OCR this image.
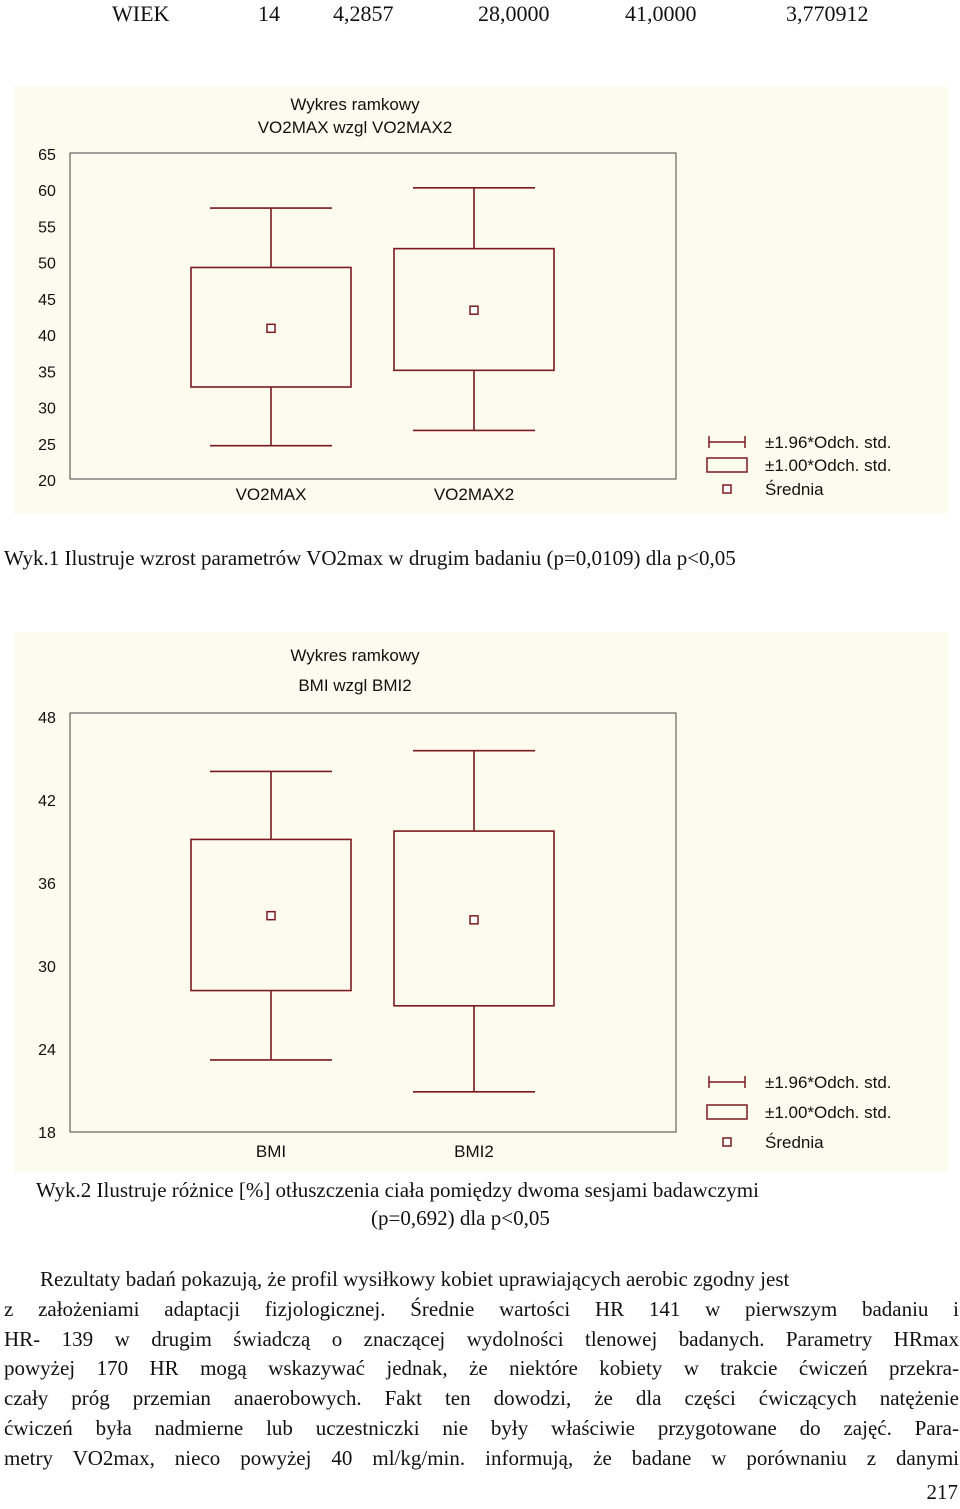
WIEK	14 4,2857	28,0000	41,0000	3,770912
Wykres ramkowy
VO2MAX wzgl VO2MAX2
65
60
55
50
45
40
35
30
25
20
VO2MAX	VO2MAX2
±1.96*Odch. std.
±1.00*Odch. std.
Średnia
Wyk.1 Ilustruje wzrost parametrów VO2max w drugim badaniu (p=0,0109) dla p<0,05
Wykres ramkowy
BMI wzgl BMI2
48
42
36
30
24
18
BMI	BMI2
±1.96*Odch. std.
±1.00*Odch. std.
Średnia
Wyk.2 Ilustruje różnice [%] otłuszczenia ciała pomiędzy dwoma sesjami badawczymi
(p=0,692) dla p<0,05
Rezultaty badań pokazują, że profil wysiłkowy kobiet uprawiających aerobic zgodny jest
z założeniami adaptacji fizjologicznej. Średnie wartości HR 141 w pierwszym badaniu i
HR- 139 w drugim świadczą o znaczącej wydolności tlenowej badanych. Parametry HRmax
powyżej 170 HR mogą wskazywać jednak, że niektóre kobiety w trakcie ćwiczeń przekra-
czały próg przemian anaerobowych. Fakt ten dowodzi, że dla części ćwiczących natężenie
ćwiczeń była nadmierne lub uczestniczki nie były właściwie przygotowane do zajęć. Para-
metry VO2max, nieco powyżej 40 ml/kg/min. informują, że badane w porównaniu z danymi
217
